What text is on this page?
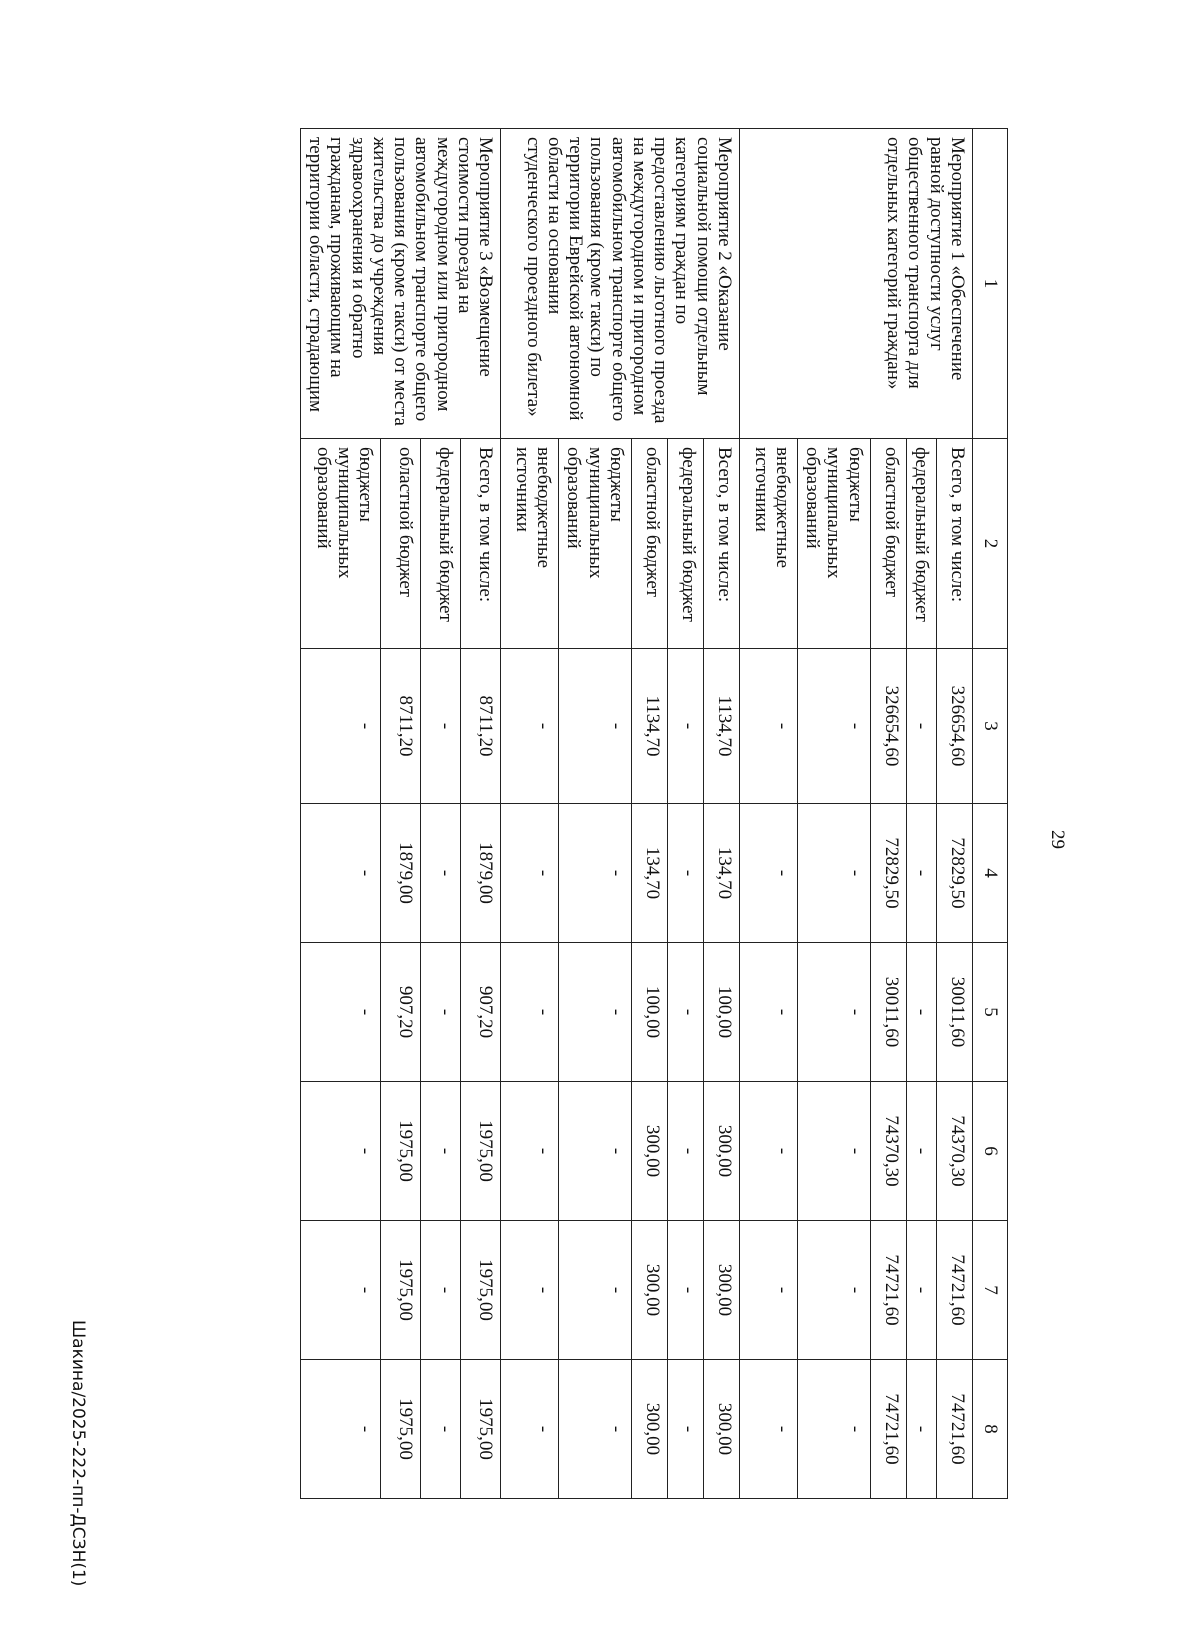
29
1	2	3	4	5	6	7	8
Мероприятие 1 «Обеспечение равной доступности услуг общественного транспорта для отдельных категорий граждан»	Всего, в том числе:	326654,60	72829,50	30011,60	74370,30	74721,60	74721,60
	федеральный бюджет	-	-	-	-	-	-
	областной бюджет	326654,60	72829,50	30011,60	74370,30	74721,60	74721,60
	бюджеты муниципальных образований	-	-	-	-	-	-
	внебюджетные источники	-	-	-	-	-	-
Мероприятие 2 «Оказание социальной помощи отдельным категориям граждан по предоставлению льготного проезда на междугородном и пригородном автомобильном транспорте общего пользования (кроме такси) по территории Еврейской автономной области на основании студенческого проездного билета»	Всего, в том числе:	1134,70	134,70	100,00	300,00	300,00	300,00
	федеральный бюджет	-	-	-	-	-	-
	областной бюджет	1134,70	134,70	100,00	300,00	300,00	300,00
	бюджеты муниципальных образований	-	-	-	-	-	-
	внебюджетные источники	-	-	-	-	-	-
Мероприятие 3 «Возмещение стоимости проезда на междугородном или пригородном автомобильном транспорте общего пользования (кроме такси) от места жительства до учреждения здравоохранения и обратно гражданам, проживающим на территории области, страдающим	Всего, в том числе:	8711,20	1879,00	907,20	1975,00	1975,00	1975,00
	федеральный бюджет	-	-	-	-	-	-
	областной бюджет	8711,20	1879,00	907,20	1975,00	1975,00	1975,00
	бюджеты муниципальных образований	-	-	-	-	-	-
Шакина/2025-222-пп-ДСЗН(1)
